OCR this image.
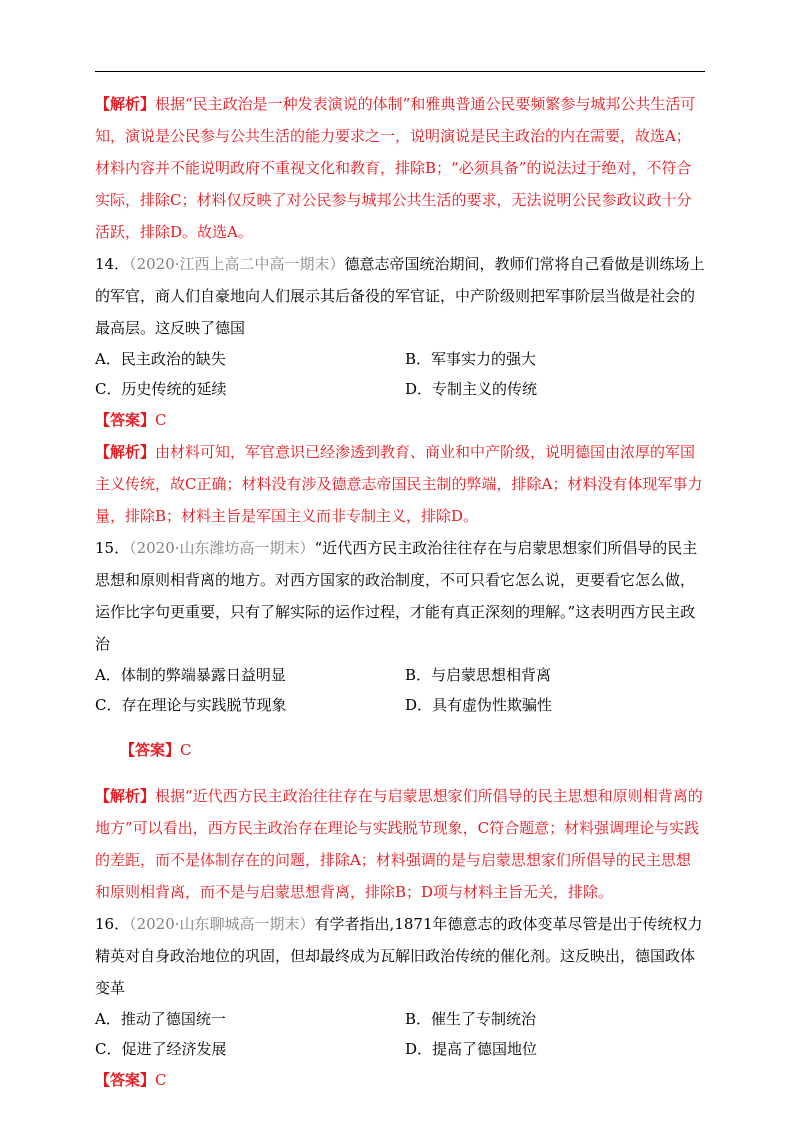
【解析】根据“民主政治是一种发表演说的体制”和雅典普通公民要频繁参与城邦公共生活可知，演说是公民参与公共生活的能力要求之一，说明演说是民主政治的内在需要，故选A；材料内容并不能说明政府不重视文化和教育，排除B；“必须具备”的说法过于绝对，不符合实际，排除C；材料仅反映了对公民参与城邦公共生活的要求，无法说明公民参政议政十分活跃，排除D。故选A。

14．（2020·江西上高二中高一期末）德意志帝国统治期间，教师们常将自己看做是训练场上的军官，商人们自豪地向人们展示其后备役的军官证，中产阶级则把军事阶层当做是社会的最高层。这反映了德国

A．民主政治的缺失	B．军事实力的强大
C．历史传统的延续	D．专制主义的传统

【答案】C

【解析】由材料可知，军官意识已经渗透到教育、商业和中产阶级，说明德国由浓厚的军国主义传统，故C正确；材料没有涉及德意志帝国民主制的弊端，排除A；材料没有体现军事力量，排除B；材料主旨是军国主义而非专制主义，排除D。

15．（2020·山东潍坊高一期末）“近代西方民主政治往往存在与启蒙思想家们所倡导的民主思想和原则相背离的地方。对西方国家的政治制度，不可只看它怎么说，更要看它怎么做，运作比字句更重要，只有了解实际的运作过程，才能有真正深刻的理解。”这表明西方民主政治

A．体制的弊端暴露日益明显	B．与启蒙思想相背离
C．存在理论与实践脱节现象	D．具有虚伪性欺骗性

【答案】C

【解析】根据“近代西方民主政治往往存在与启蒙思想家们所倡导的民主思想和原则相背离的地方”可以看出，西方民主政治存在理论与实践脱节现象，C符合题意；材料强调理论与实践的差距，而不是体制存在的问题，排除A；材料强调的是与启蒙思想家们所倡导的民主思想和原则相背离，而不是与启蒙思想背离，排除B；D项与材料主旨无关，排除。

16．（2020·山东聊城高一期末）有学者指出,1871年德意志的政体变革尽管是出于传统权力精英对自身政治地位的巩固，但却最终成为瓦解旧政治传统的催化剂。这反映出，德国政体变革

A．推动了德国统一	B．催生了专制统治
C．促进了经济发展	D．提高了德国地位

【答案】C
